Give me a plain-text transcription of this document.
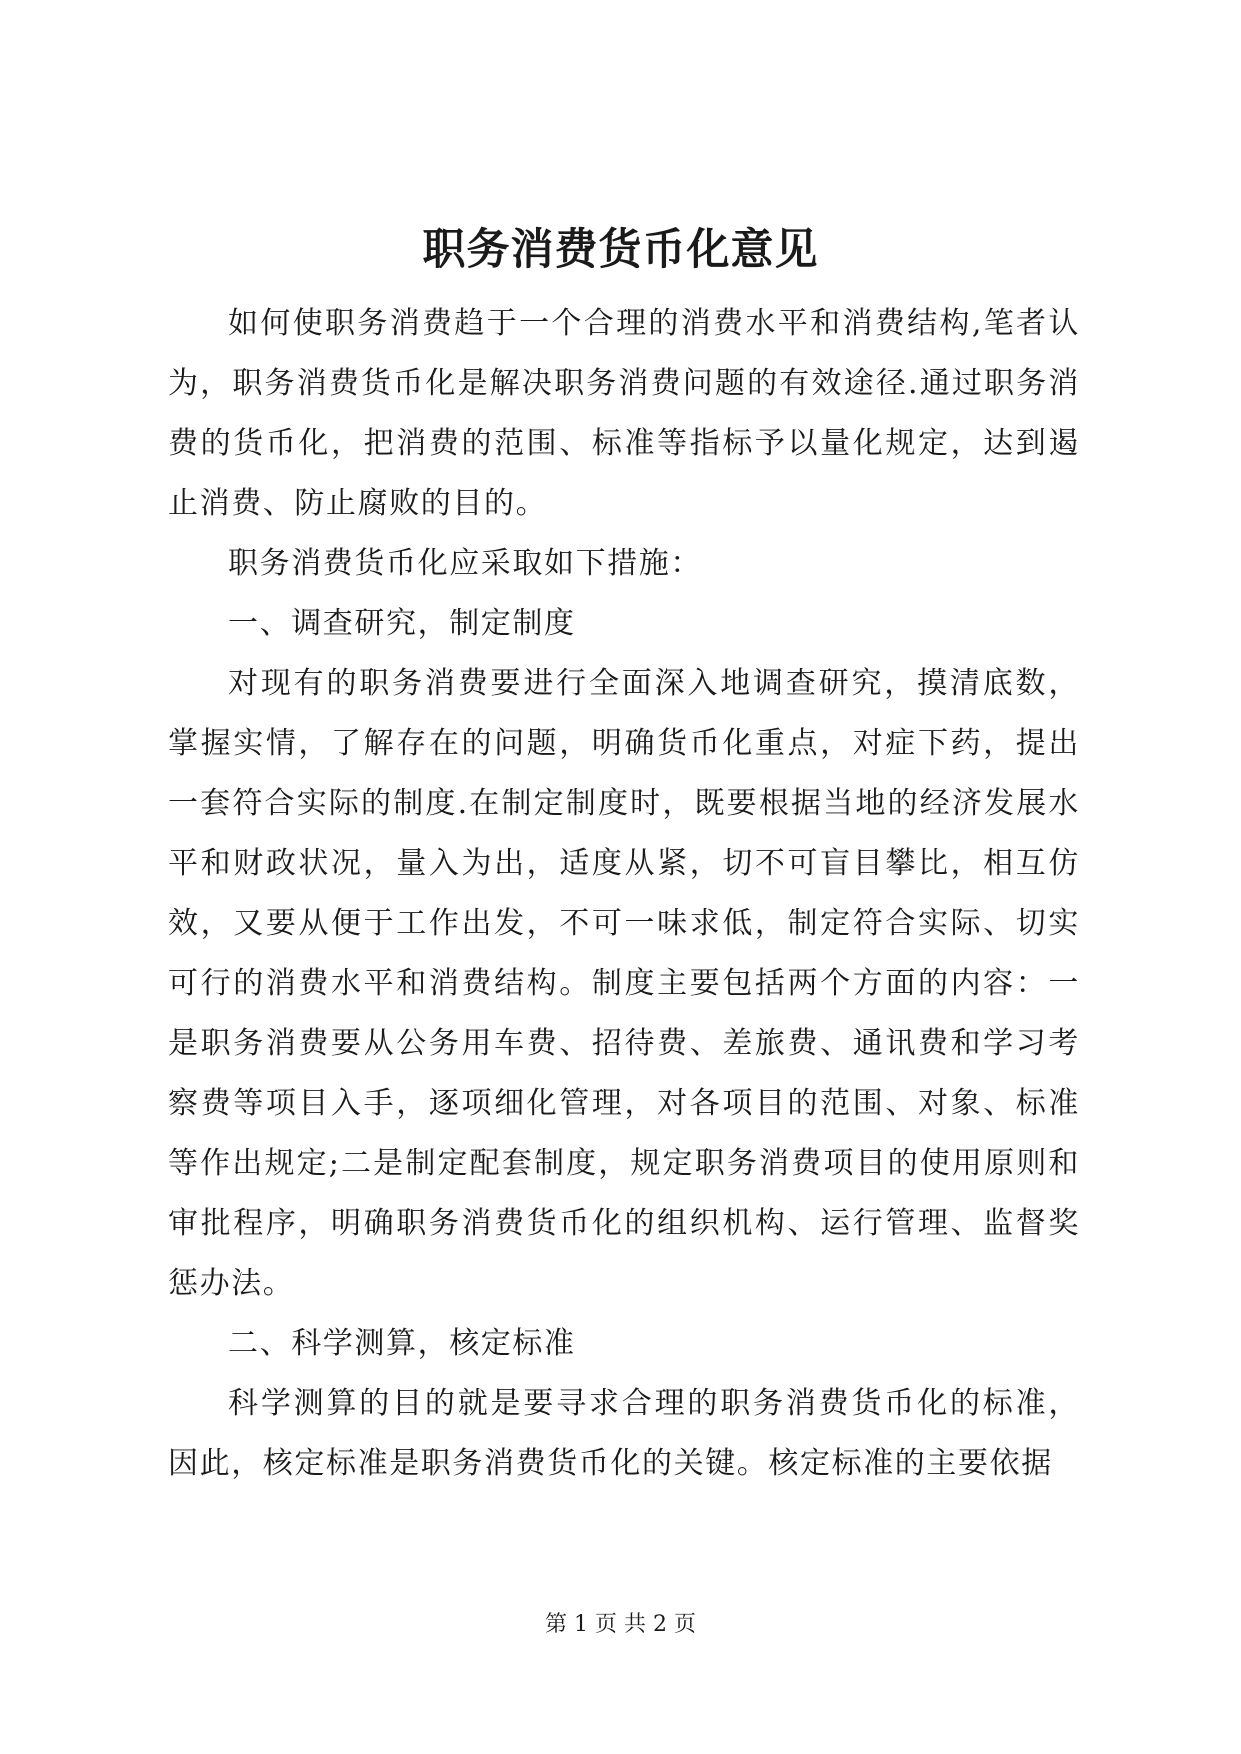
职务消费货币化意见

如何使职务消费趋于一个合理的消费水平和消费结构,笔者认为，职务消费货币化是解决职务消费问题的有效途径.通过职务消费的货币化，把消费的范围、标准等指标予以量化规定，达到遏止消费、防止腐败的目的。

职务消费货币化应采取如下措施：

一、调查研究，制定制度

对现有的职务消费要进行全面深入地调查研究，摸清底数，掌握实情，了解存在的问题，明确货币化重点，对症下药，提出一套符合实际的制度.在制定制度时，既要根据当地的经济发展水平和财政状况，量入为出，适度从紧，切不可盲目攀比，相互仿效，又要从便于工作出发，不可一味求低，制定符合实际、切实可行的消费水平和消费结构。制度主要包括两个方面的内容：一是职务消费要从公务用车费、招待费、差旅费、通讯费和学习考察费等项目入手，逐项细化管理，对各项目的范围、对象、标准等作出规定;二是制定配套制度，规定职务消费项目的使用原则和审批程序，明确职务消费货币化的组织机构、运行管理、监督奖惩办法。

二、科学测算，核定标准

科学测算的目的就是要寻求合理的职务消费货币化的标准，因此，核定标准是职务消费货币化的关键。核定标准的主要依据

第 1 页 共 2 页
